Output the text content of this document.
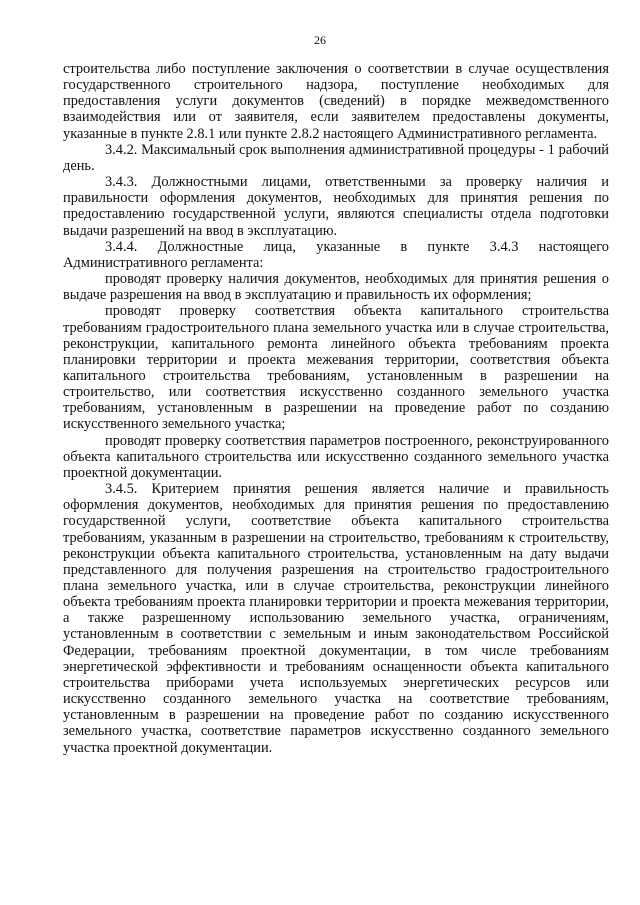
26

строительства либо поступление заключения о соответствии в случае осуществления государственного строительного надзора, поступление необходимых для предоставления услуги документов (сведений) в порядке межведомственного взаимодействия или от заявителя, если заявителем предоставлены документы, указанные в пункте 2.8.1 или пункте 2.8.2 настоящего Административного регламента.

3.4.2. Максимальный срок выполнения административной процедуры - 1 рабочий день.

3.4.3. Должностными лицами, ответственными за проверку наличия и правильности оформления документов, необходимых для принятия решения по предоставлению государственной услуги, являются специалисты отдела подготовки выдачи разрешений на ввод в эксплуатацию.

3.4.4. Должностные лица, указанные в пункте 3.4.3 настоящего Административного регламента:

проводят проверку наличия документов, необходимых для принятия решения о выдаче разрешения на ввод в эксплуатацию и правильность их оформления;

проводят проверку соответствия объекта капитального строительства требованиям градостроительного плана земельного участка или в случае строительства, реконструкции, капитального ремонта линейного объекта требованиям проекта планировки территории и проекта межевания территории, соответствия объекта капитального строительства требованиям, установленным в разрешении на строительство, или соответствия искусственно созданного земельного участка требованиям, установленным в разрешении на проведение работ по созданию искусственного земельного участка;

проводят проверку соответствия параметров построенного, реконструированного объекта капитального строительства или искусственно созданного земельного участка проектной документации.

3.4.5. Критерием принятия решения является наличие и правильность оформления документов, необходимых для принятия решения по предоставлению государственной услуги, соответствие объекта капитального строительства требованиям, указанным в разрешении на строительство, требованиям к строительству, реконструкции объекта капитального строительства, установленным на дату выдачи представленного для получения разрешения на строительство градостроительного плана земельного участка, или в случае строительства, реконструкции линейного объекта требованиям проекта планировки территории и проекта межевания территории, а также разрешенному использованию земельного участка, ограничениям, установленным в соответствии с земельным и иным законодательством Российской Федерации, требованиям проектной документации, в том числе требованиям энергетической эффективности и требованиям оснащенности объекта капитального строительства приборами учета используемых энергетических ресурсов или искусственно созданного земельного участка на соответствие требованиям, установленным в разрешении на проведение работ по созданию искусственного земельного участка, соответствие параметров искусственно созданного земельного участка проектной документации.
